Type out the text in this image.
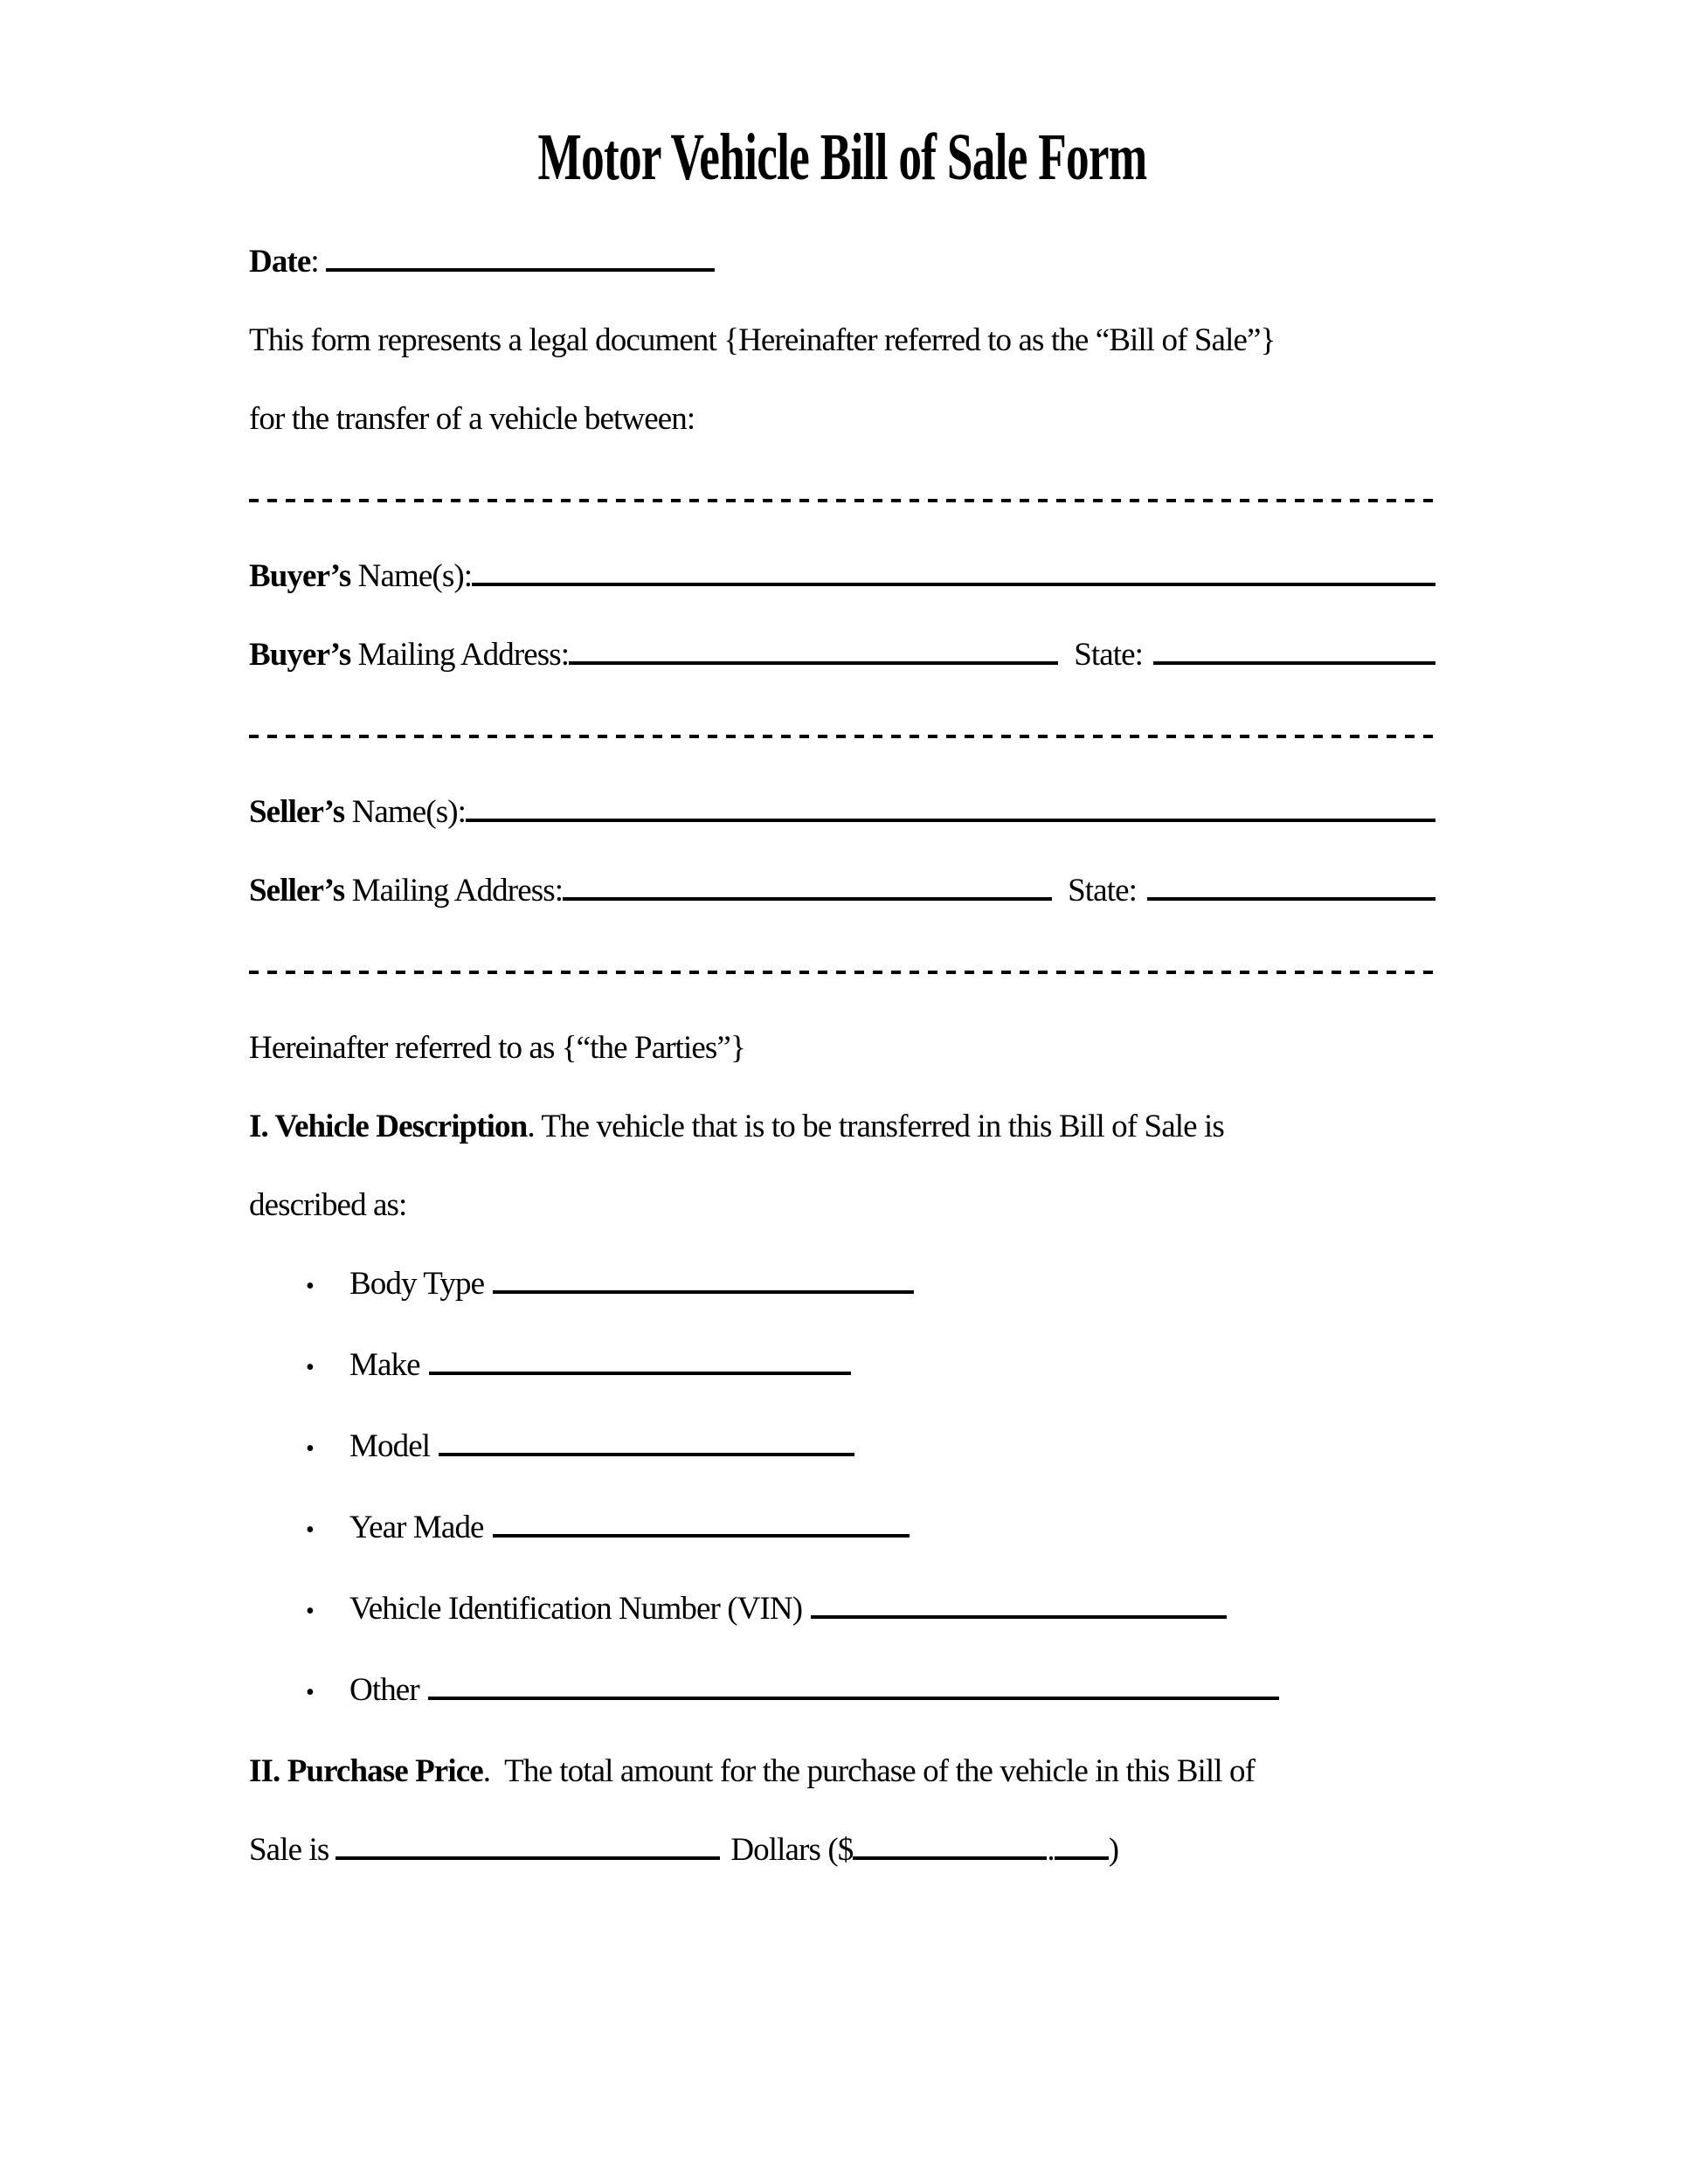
Motor Vehicle Bill of Sale Form
Date :
This form represents a legal document {Hereinafter referred to as the “Bill of Sale”}
for the transfer of a vehicle between:
Buyer’s Name(s):
Buyer’s Mailing Address:	State:
Seller’s Name(s):
Seller’s Mailing Address:	State:
Hereinafter referred to as {“the Parties”}
I. Vehicle Description . The vehicle that is to be transferred in this Bill of Sale is
described as:
•	Body Type
•	Make
•	Model
•	Year Made
•	Vehicle Identification Number (VIN)
•	Other
II. Purchase Price .  The total amount for the purchase of the vehicle in this Bill of
Sale is	Dollars ($	. )
